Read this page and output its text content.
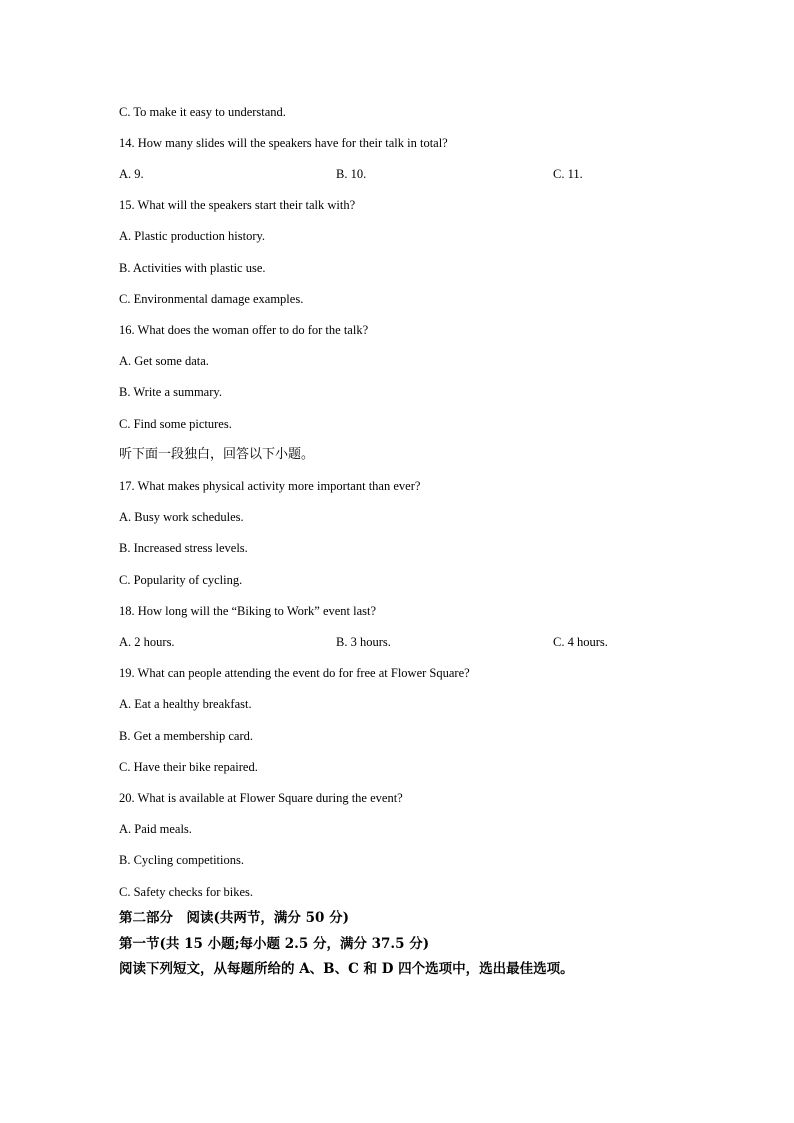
C. To make it easy to understand.
14. How many slides will the speakers have for their talk in total?
A. 9.	B. 10.	C. 11.
15. What will the speakers start their talk with?
A. Plastic production history.
B. Activities with plastic use.
C. Environmental damage examples.
16. What does the woman offer to do for the talk?
A. Get some data.
B. Write a summary.
C. Find some pictures.
听下面一段独白，回答以下小题。
17. What makes physical activity more important than ever?
A. Busy work schedules.
B. Increased stress levels.
C. Popularity of cycling.
18. How long will the “Biking to Work” event last?
A. 2 hours.	B. 3 hours.	C. 4 hours.
19. What can people attending the event do for free at Flower Square?
A. Eat a healthy breakfast.
B. Get a membership card.
C. Have their bike repaired.
20. What is available at Flower Square during the event?
A. Paid meals.
B. Cycling competitions.
C. Safety checks for bikes.
第二部分　阅读(共两节，满分 50 分)
第一节(共 15 小题;每小题 2.5 分，满分 37.5 分)
阅读下列短文，从每题所给的 A、B、C 和 D 四个选项中，选出最佳选项。
